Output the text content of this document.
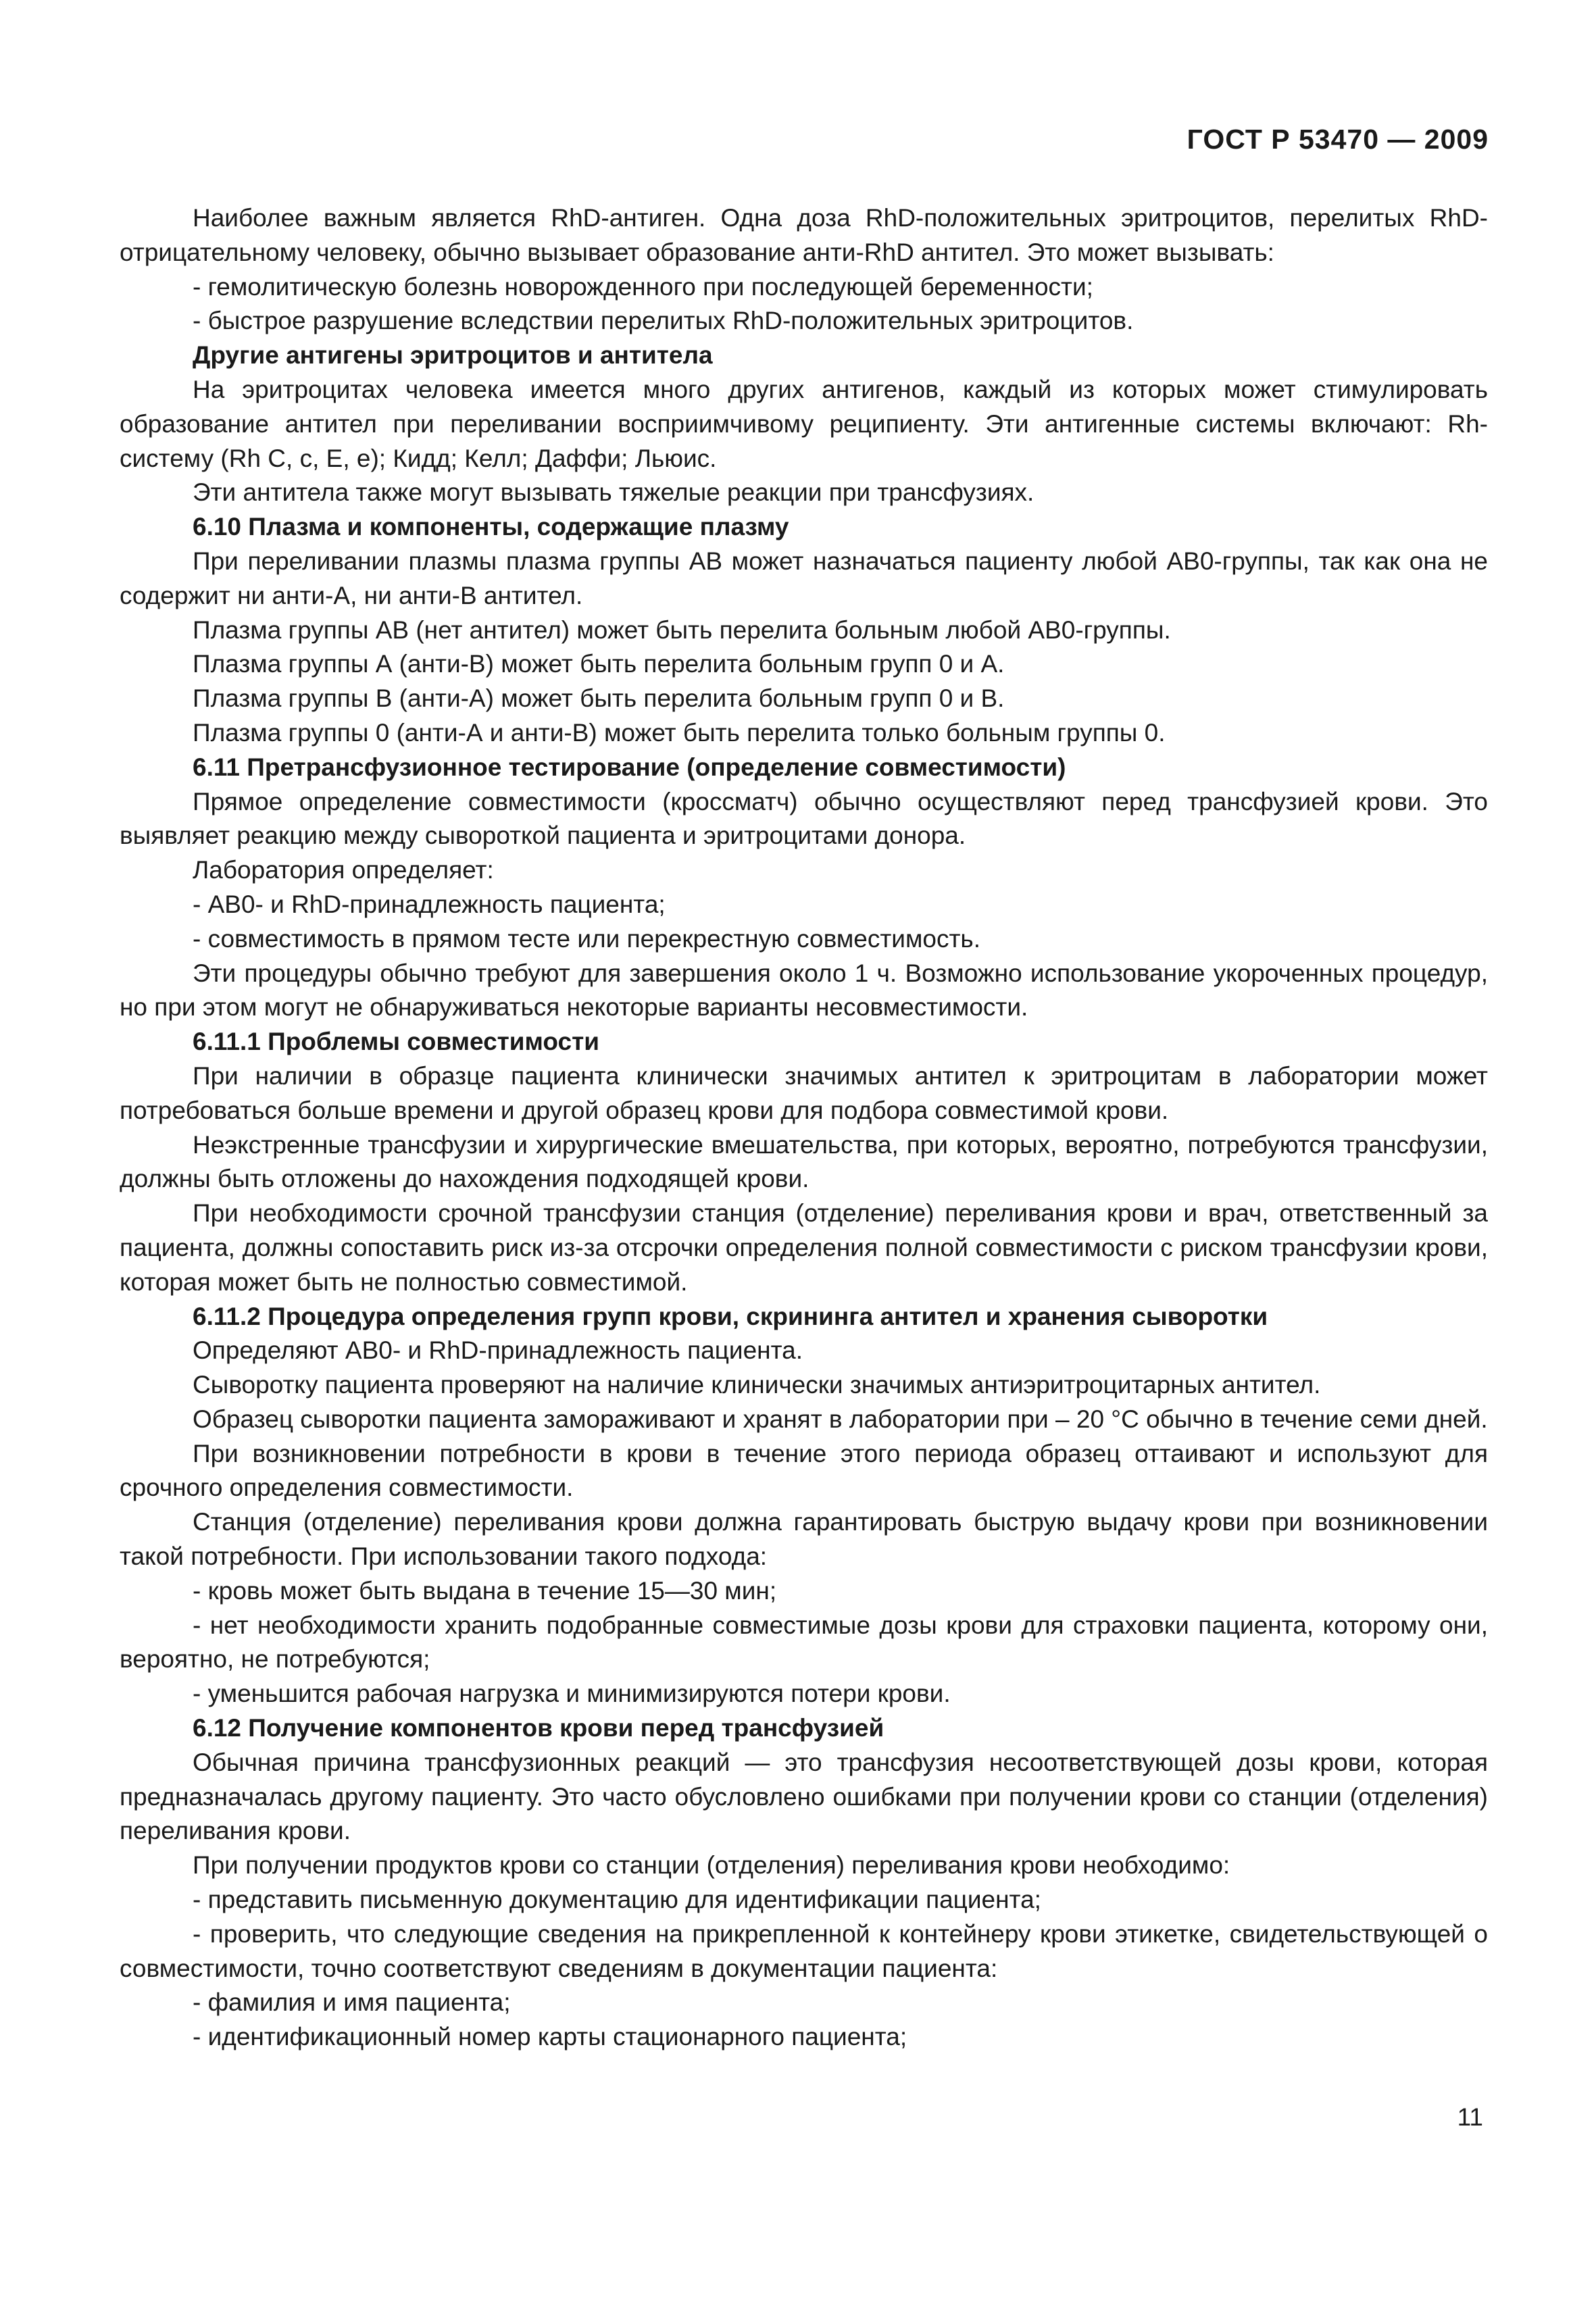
ГОСТ Р 53470 — 2009

Наиболее важным является RhD-антиген. Одна доза RhD-положительных эритроцитов, перелитых RhD-отрицательному человеку, обычно вызывает образование анти-RhD антител. Это может вызывать:

- гемолитическую болезнь новорожденного при последующей беременности;

- быстрое разрушение вследствии перелитых RhD-положительных эритроцитов.

Другие антигены эритроцитов и антитела

На эритроцитах человека имеется много других антигенов, каждый из которых может стимулировать образование антител при переливании восприимчивому реципиенту. Эти антигенные системы включают: Rh-систему (Rh C, c, E, e); Кидд; Келл; Даффи; Льюис.

Эти антитела также могут вызывать тяжелые реакции при трансфузиях.

6.10 Плазма и компоненты, содержащие плазму

При переливании плазмы плазма группы АВ может назначаться пациенту любой АВ0-группы, так как она не содержит ни анти-А, ни анти-В антител.

Плазма группы АВ (нет антител) может быть перелита больным любой АВ0-группы.

Плазма группы А (анти-В) может быть перелита больным групп 0 и А.

Плазма группы В (анти-А) может быть перелита больным групп 0 и В.

Плазма группы 0 (анти-А и анти-В) может быть перелита только больным группы 0.

6.11 Претрансфузионное тестирование (определение совместимости)

Прямое определение совместимости (кроссматч) обычно осуществляют перед трансфузией крови. Это выявляет реакцию между сывороткой пациента и эритроцитами донора.

Лаборатория определяет:

- АВ0- и RhD-принадлежность пациента;

- совместимость в прямом тесте или перекрестную совместимость.

Эти процедуры обычно требуют для завершения около 1 ч. Возможно использование укороченных процедур, но при этом могут не обнаруживаться некоторые варианты несовместимости.

6.11.1 Проблемы совместимости

При наличии в образце пациента клинически значимых антител к эритроцитам в лаборатории может потребоваться больше времени и другой образец крови для подбора совместимой крови.

Неэкстренные трансфузии и хирургические вмешательства, при которых, вероятно, потребуются трансфузии, должны быть отложены до нахождения подходящей крови.

При необходимости срочной трансфузии станция (отделение) переливания крови и врач, ответственный за пациента, должны сопоставить риск из-за отсрочки определения полной совместимости с риском трансфузии крови, которая может быть не полностью совместимой.

6.11.2 Процедура определения групп крови, скрининга антител и хранения сыворотки

Определяют АВ0- и RhD-принадлежность пациента.

Сыворотку пациента проверяют на наличие клинически значимых антиэритроцитарных антител.

Образец сыворотки пациента замораживают и хранят в лаборатории при – 20 °С обычно в течение семи дней.

При возникновении потребности в крови в течение этого периода образец оттаивают и используют для срочного определения совместимости.

Станция (отделение) переливания крови должна гарантировать быструю выдачу крови при возникновении такой потребности. При использовании такого подхода:

- кровь может быть выдана в течение 15—30 мин;

- нет необходимости хранить подобранные совместимые дозы крови для страховки пациента, которому они, вероятно, не потребуются;

- уменьшится рабочая нагрузка и минимизируются потери крови.

6.12 Получение компонентов крови перед трансфузией

Обычная причина трансфузионных реакций — это трансфузия несоответствующей дозы крови, которая предназначалась другому пациенту. Это часто обусловлено ошибками при получении крови со станции (отделения) переливания крови.

При получении продуктов крови со станции (отделения) переливания крови необходимо:

- представить письменную документацию для идентификации пациента;

- проверить, что следующие сведения на прикрепленной к контейнеру крови этикетке, свидетельствующей о совместимости, точно соответствуют сведениям в документации пациента:

- фамилия и имя пациента;

- идентификационный номер карты стационарного пациента;

11
